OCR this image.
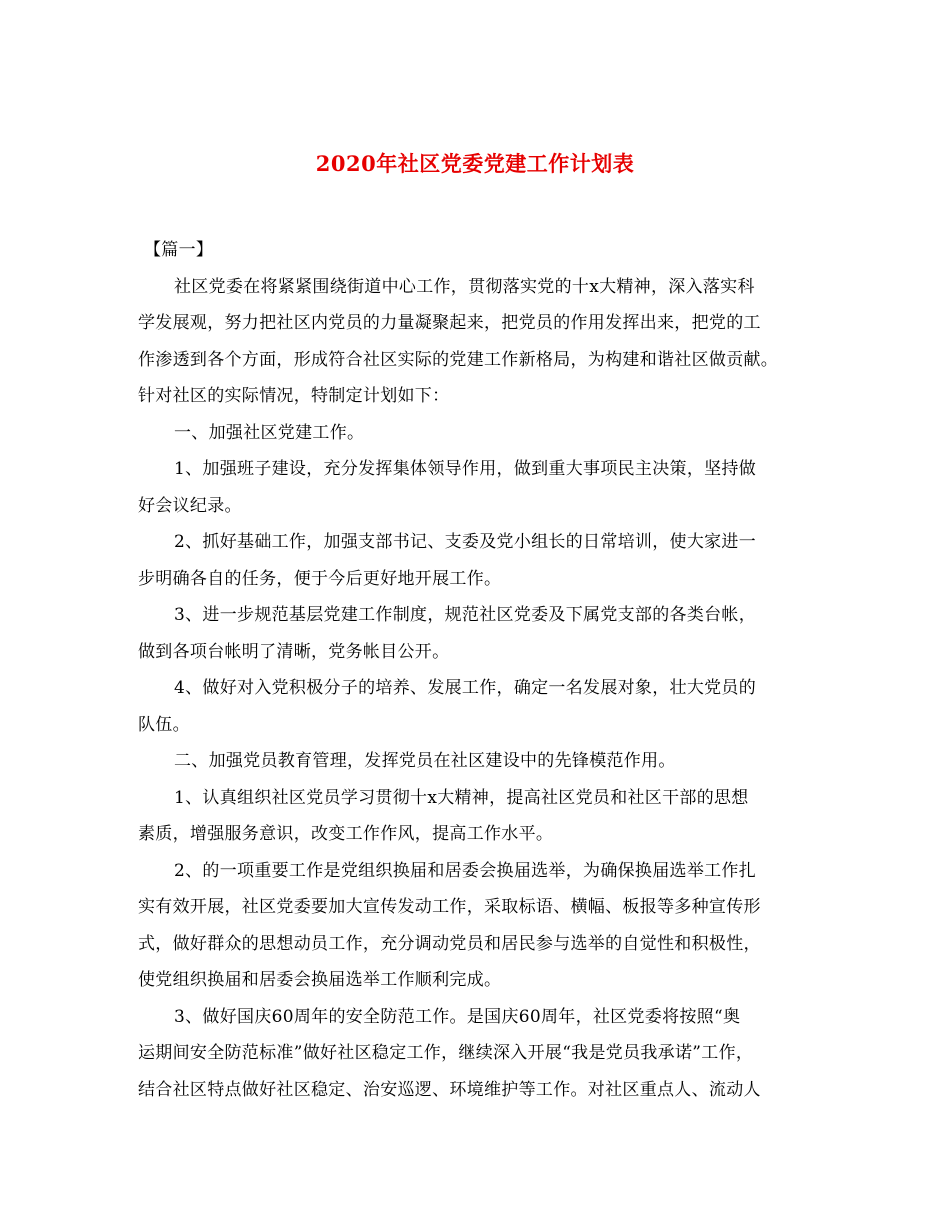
2020年社区党委党建工作计划表
【篇一】
社区党委在将紧紧围绕街道中心工作，贯彻落实党的十x大精神，深入落实科
学发展观，努力把社区内党员的力量凝聚起来，把党员的作用发挥出来，把党的工
作渗透到各个方面，形成符合社区实际的党建工作新格局，为构建和谐社区做贡献。
针对社区的实际情况，特制定计划如下：
一、加强社区党建工作。
1、加强班子建设，充分发挥集体领导作用，做到重大事项民主决策，坚持做
好会议纪录。
2、抓好基础工作，加强支部书记、支委及党小组长的日常培训，使大家进一
步明确各自的任务，便于今后更好地开展工作。
3、进一步规范基层党建工作制度，规范社区党委及下属党支部的各类台帐，
做到各项台帐明了清晰，党务帐目公开。
4、做好对入党积极分子的培养、发展工作，确定一名发展对象，壮大党员的
队伍。
二、加强党员教育管理，发挥党员在社区建设中的先锋模范作用。
1、认真组织社区党员学习贯彻十x大精神，提高社区党员和社区干部的思想
素质，增强服务意识，改变工作作风，提高工作水平。
2、的一项重要工作是党组织换届和居委会换届选举，为确保换届选举工作扎
实有效开展，社区党委要加大宣传发动工作，采取标语、横幅、板报等多种宣传形
式，做好群众的思想动员工作，充分调动党员和居民参与选举的自觉性和积极性，
使党组织换届和居委会换届选举工作顺利完成。
3、做好国庆60周年的安全防范工作。是国庆60周年，社区党委将按照“奥
运期间安全防范标准”做好社区稳定工作，继续深入开展“我是党员我承诺”工作，
结合社区特点做好社区稳定、治安巡逻、环境维护等工作。对社区重点人、流动人
